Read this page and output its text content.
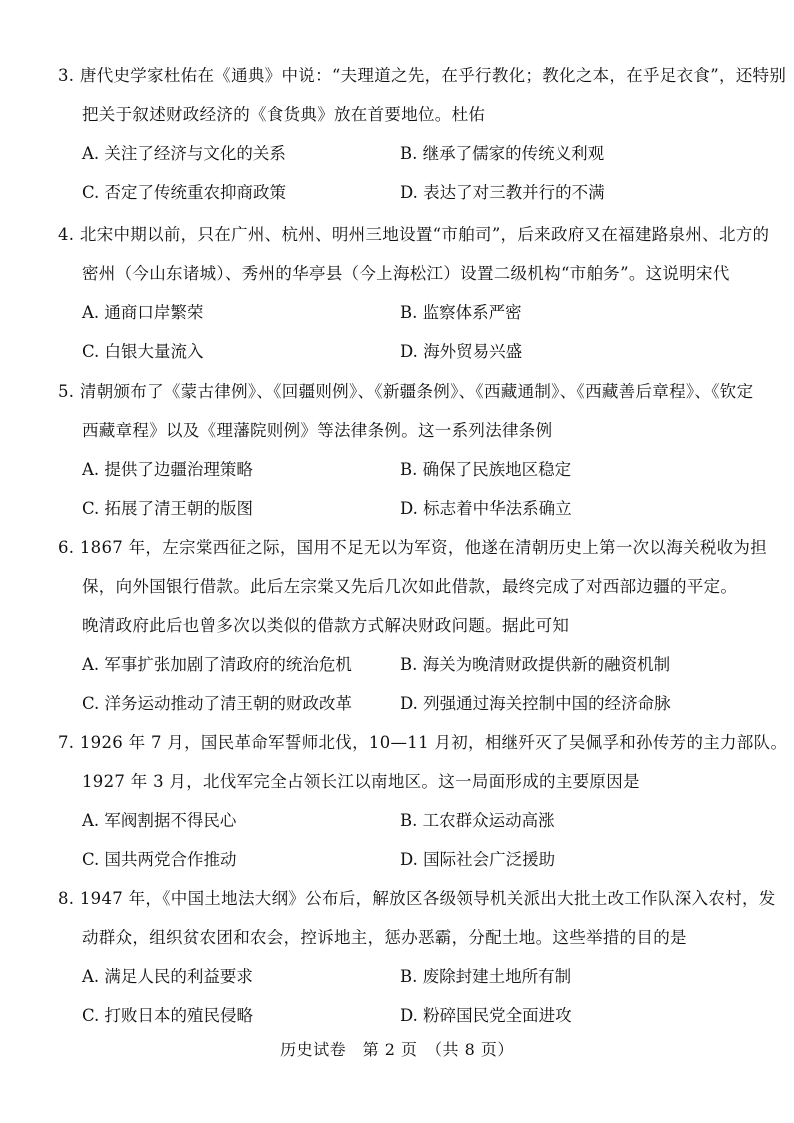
3. 唐代史学家杜佑在《通典》中说：“夫理道之先，在乎行教化；教化之本，在乎足衣食”，还特别
把关于叙述财政经济的《食货典》放在首要地位。杜佑
A. 关注了经济与文化的关系	B. 继承了儒家的传统义利观
C. 否定了传统重农抑商政策	D. 表达了对三教并行的不满
4. 北宋中期以前，只在广州、杭州、明州三地设置“市舶司”，后来政府又在福建路泉州、北方的
密州（今山东诸城）、秀州的华亭县（今上海松江）设置二级机构“市舶务”。这说明宋代
A. 通商口岸繁荣	B. 监察体系严密
C. 白银大量流入	D. 海外贸易兴盛
5. 清朝颁布了《蒙古律例》、《回疆则例》、《新疆条例》、《西藏通制》、《西藏善后章程》、《钦定
西藏章程》以及《理藩院则例》等法律条例。这一系列法律条例
A. 提供了边疆治理策略	B. 确保了民族地区稳定
C. 拓展了清王朝的版图	D. 标志着中华法系确立
6. 1867 年，左宗棠西征之际，国用不足无以为军资，他遂在清朝历史上第一次以海关税收为担
保，向外国银行借款。此后左宗棠又先后几次如此借款，最终完成了对西部边疆的平定。
晚清政府此后也曾多次以类似的借款方式解决财政问题。据此可知
A. 军事扩张加剧了清政府的统治危机	B. 海关为晚清财政提供新的融资机制
C. 洋务运动推动了清王朝的财政改革	D. 列强通过海关控制中国的经济命脉
7. 1926 年 7 月，国民革命军誓师北伐，10—11 月初，相继歼灭了吴佩孚和孙传芳的主力部队。
1927 年 3 月，北伐军完全占领长江以南地区。这一局面形成的主要原因是
A. 军阀割据不得民心	B. 工农群众运动高涨
C. 国共两党合作推动	D. 国际社会广泛援助
8. 1947 年，《中国土地法大纲》公布后，解放区各级领导机关派出大批土改工作队深入农村，发
动群众，组织贫农团和农会，控诉地主，惩办恶霸，分配土地。这些举措的目的是
A. 满足人民的利益要求	B. 废除封建土地所有制
C. 打败日本的殖民侵略	D. 粉碎国民党全面进攻
历史试卷　第 2 页　（共 8 页）
